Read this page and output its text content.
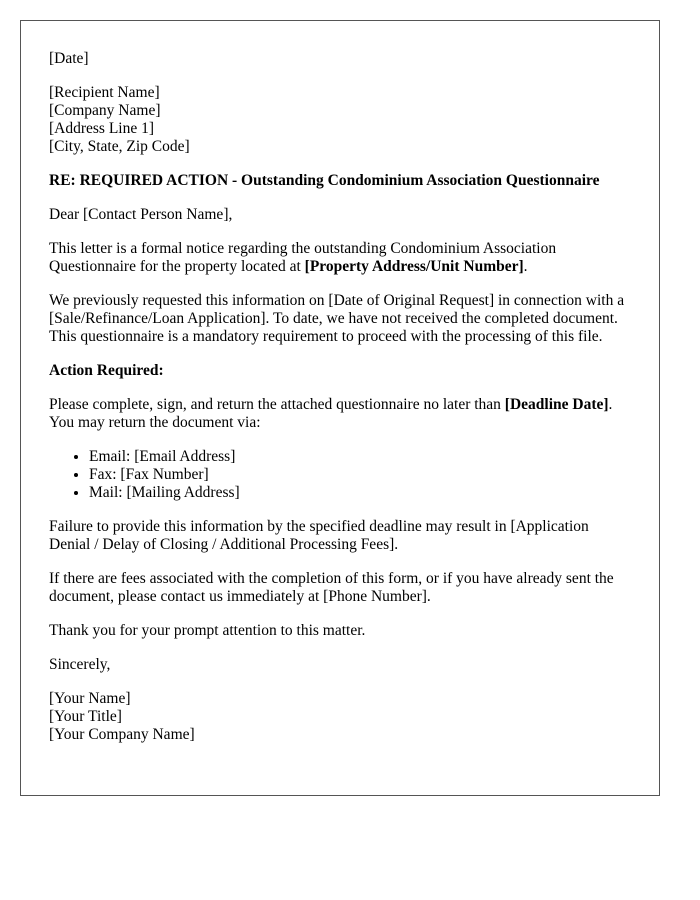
[Date]
[Recipient Name]
[Company Name]
[Address Line 1]
[City, State, Zip Code]
RE: REQUIRED ACTION - Outstanding Condominium Association Questionnaire
Dear [Contact Person Name],
This letter is a formal notice regarding the outstanding Condominium Association Questionnaire for the property located at [Property Address/Unit Number].
We previously requested this information on [Date of Original Request] in connection with a [Sale/Refinance/Loan Application]. To date, we have not received the completed document. This questionnaire is a mandatory requirement to proceed with the processing of this file.
Action Required:
Please complete, sign, and return the attached questionnaire no later than [Deadline Date]. You may return the document via:
• Email: [Email Address]
• Fax: [Fax Number]
• Mail: [Mailing Address]
Failure to provide this information by the specified deadline may result in [Application Denial / Delay of Closing / Additional Processing Fees].
If there are fees associated with the completion of this form, or if you have already sent the document, please contact us immediately at [Phone Number].
Thank you for your prompt attention to this matter.
Sincerely,
[Your Name]
[Your Title]
[Your Company Name]
